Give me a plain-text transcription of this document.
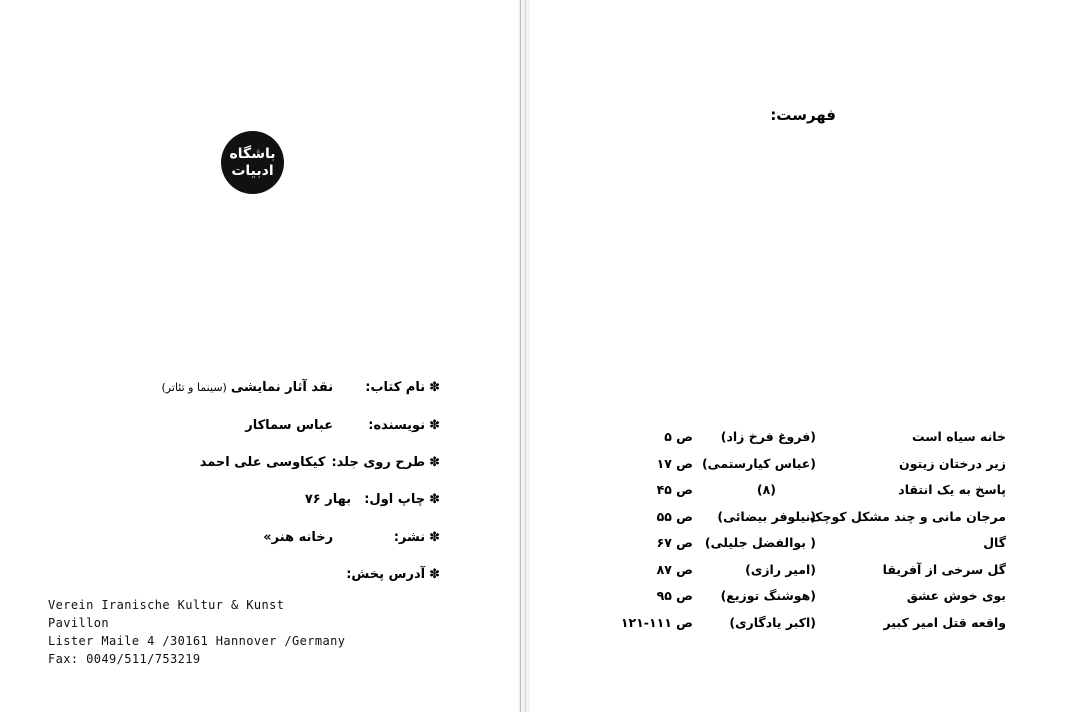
باشگاه
ادبیات
✽نام کتاب:نقد آثار نمایشی(سینما و تئاتر)
✽نویسنده:عباس سماکار
✽طرح روی جلد:کیکاوسی علی احمد
✽چاپ اول:بهار ۷۶
✽نشر:رخانه هنر»
✽آدرس پخش:
Verein Iranische Kultur & Kunst
Pavillon
Lister Maile 4 /30161 Hannover /Germany
Fax: 0049/511/753219
فهرست:
خانه سیاه است
(فروغ فرخ زاد)
ص ۵
زیر درختان زیتون
(عباس کیارستمی)
ص ۱۷
پاسخ به یک انتقاد
(۸)
ص ۴۵
مرجان مانی و چند مشکل کوچک
(نیلوفر بیضائی)
ص ۵۵
گال
( بوالفضل جلیلی)
ص ۶۷
گل سرخی از آفریقا
(امیر رازی)
ص ۸۷
بوی خوش عشق
(هوشنگ توزیع)
ص ۹۵
واقعه قتل امیر کبیر
(اکبر یادگاری)
ص ۱۱۱-۱۲۱
